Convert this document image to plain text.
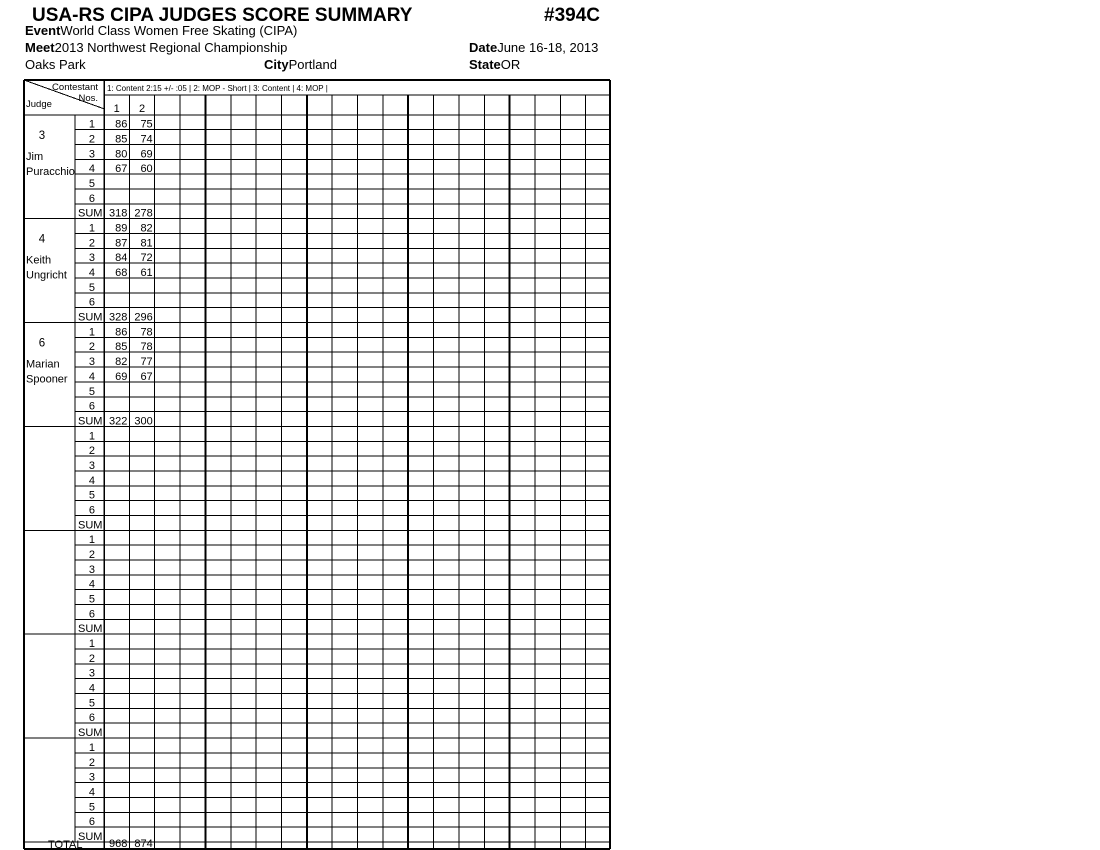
USA-RS CIPA JUDGES SCORE SUMMARY	#394C
EventWorld Class Women Free Skating (CIPA)
Meet2013 Northwest Regional Championship	DateJune 16-18, 2013
Oaks Park	CityPortland	StateOR
Contestant
Nos.
Judge
1: Content 2:15 +/- :05 | 2: MOP - Short | 3: Content | 4: MOP |
1 2
3
Jim
Puracchio
1 86 75
2 85 74
3 80 69
4 67 60
5
6
SUM 318 278
4
Keith
Ungricht
1 89 82
2 87 81
3 84 72
4 68 61
5
6
SUM 328 296
6
Marian
Spooner
1 86 78
2 85 78
3 82 77
4 69 67
5
6
SUM 322 300
1
2
3
4
5
6
SUM
1
2
3
4
5
6
SUM
1
2
3
4
5
6
SUM
1
2
3
4
5
6
SUM
TOTAL 968 874
